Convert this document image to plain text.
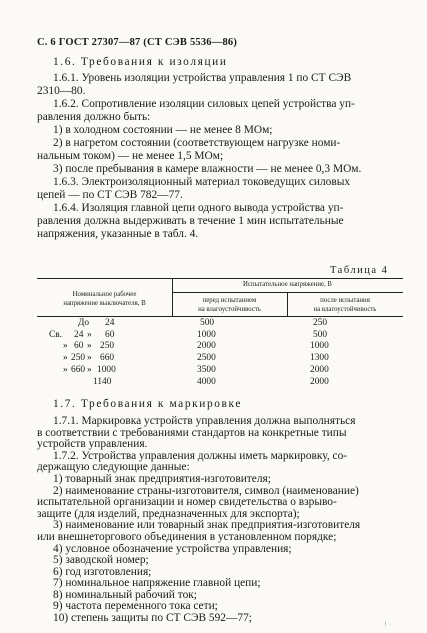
С. 6 ГОСТ 27307—87 (СТ СЭВ 5536—86)
1.6. Требования к изоляции
1.6.1. Уровень изоляции устройства управления 1 по СТ СЭВ
2310—80.
1.6.2. Сопротивление изоляции силовых цепей устройства уп-
равления должно быть:
1) в холодном состоянии — не менее 8 МОм;
2) в нагретом состоянии (соответствующем нагрузке номи-
нальным током) — не менее 1,5 МОм;
3) после пребывания в камере влажности — не менее 0,3 МОм.
1.6.3. Электроизоляционный материал токоведущих силовых
цепей — по СТ СЭВ 782—77.
1.6.4. Изоляция главной цепи одного вывода устройства уп-
равления должна выдерживать в течение 1 мин испытательные
напряжения, указанные в табл. 4.
Таблица 4
Номинальное рабочее
напряжение выключателя, В
Испытательное напряжение, В
перед испытанием
на влагоустойчивость
после испытания
на влагоустойчивость
До 24	500	250
Св. 24 » 60	1000	500
» 60 » 250	2000	1000
» 250 » 660	2500	1300
» 660 » 1000	3500	2000
1140	4000	2000
1.7. Требования к маркировке
1.7.1. Маркировка устройств управления должна выполняться
в соответствии с требованиями стандартов на конкретные типы
устройств управления.
1.7.2. Устройства управления должны иметь маркировку, со-
держащую следующие данные:
1) товарный знак предприятия-изготовителя;
2) наименование страны-изготовителя, символ (наименование)
испытательной организации и номер свидетельства о взрыво-
защите (для изделий, предназначенных для экспорта);
3) наименование или товарный знак предприятия-изготовителя
или внешнеторгового объединения в установленном порядке;
4) условное обозначение устройства управления;
5) заводской номер;
6) год изготовления;
7) номинальное напряжение главной цепи;
8) номинальный рабочий ток;
9) частота переменного тока сети;
10) степень защиты по СТ СЭВ 592—77;
ꜝ ˙
